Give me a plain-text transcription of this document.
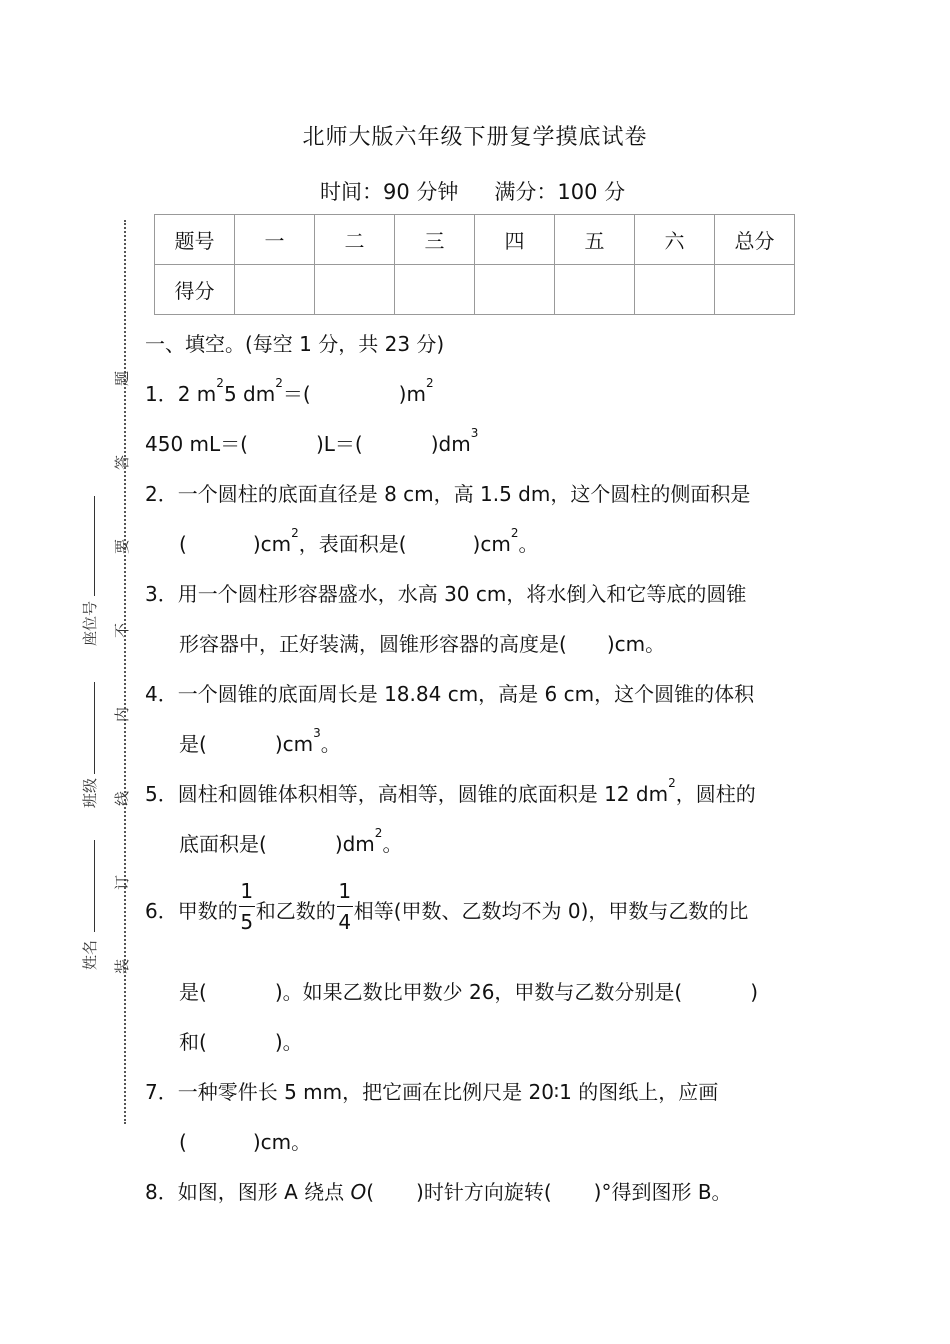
北师大版六年级下册复学摸底试卷
时间：90 分钟 满分：100 分
题号	一	二	三	四	五	六	总分
得分							
题
答
要
不
内
线
订
装
座位号
班级
姓名
一、填空。(每空 1 分，共 23 分)
1．2 $m^25$ $dm^2=$(	)$m^2$
450 mL＝(	)L＝(	)$dm^3$
2．一个圆柱的底面直径是 8 cm，高 1.5 dm，这个圆柱的侧面积是
(	)$cm^2$，表面积是(	)$cm^2$。
3．用一个圆柱形容器盛水，水高 30 cm，将水倒入和它等底的圆锥
形容器中，正好装满，圆锥形容器的高度是( )cm。
4．一个圆锥的底面周长是 18.84 cm，高是 6 cm，这个圆锥的体积
是(	)$cm^3$。
5．圆柱和圆锥体积相等，高相等，圆锥的底面积是 12 $dm^2$，圆柱的
底面积是(	)$dm^2$。
6．甲数的 $\frac{1}{5}$ 和乙数的 $\frac{1}{4}$ 相等(甲数、乙数均不为 0)，甲数与乙数的比
是(	)。如果乙数比甲数少 26，甲数与乙数分别是(	)
和(	)。
7．一种零件长 5 mm，把它画在比例尺是 20∶1 的图纸上，应画
(	)cm。
8．如图，图形 A 绕点 O( )时针方向旋转( )°得到图形 B。
